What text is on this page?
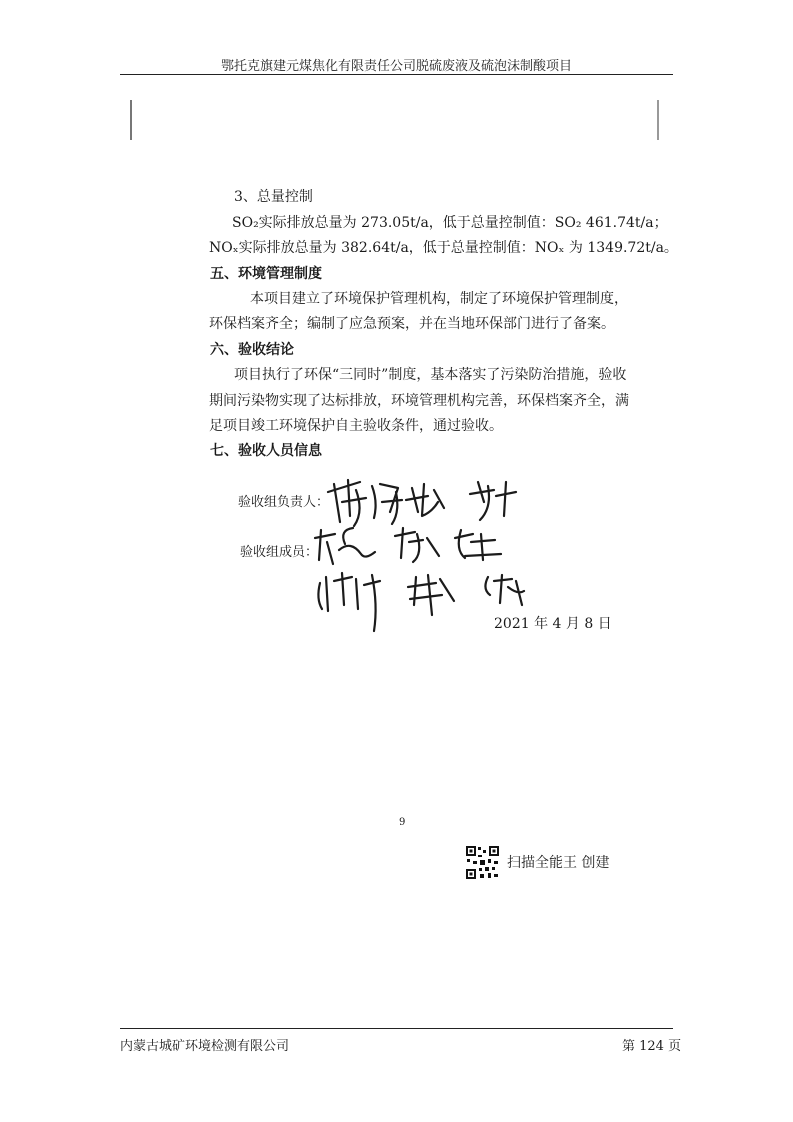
鄂托克旗建元煤焦化有限责任公司脱硫废液及硫泡沫制酸项目
3、总量控制
SO₂实际排放总量为 273.05t/a，低于总量控制值：SO₂ 461.74t/a；
NOₓ实际排放总量为 382.64t/a，低于总量控制值：NOₓ 为 1349.72t/a。
五、环境管理制度
本项目建立了环境保护管理机构，制定了环境保护管理制度，
环保档案齐全；编制了应急预案，并在当地环保部门进行了备案。
六、验收结论
项目执行了环保“三同时”制度，基本落实了污染防治措施，验收
期间污染物实现了达标排放，环境管理机构完善，环保档案齐全，满
足项目竣工环境保护自主验收条件，通过验收。
七、验收人员信息
验收组负责人：
验收组成员：
2021 年 4 月 8 日
9
扫描全能王 创建
内蒙古城矿环境检测有限公司	第 124 页
